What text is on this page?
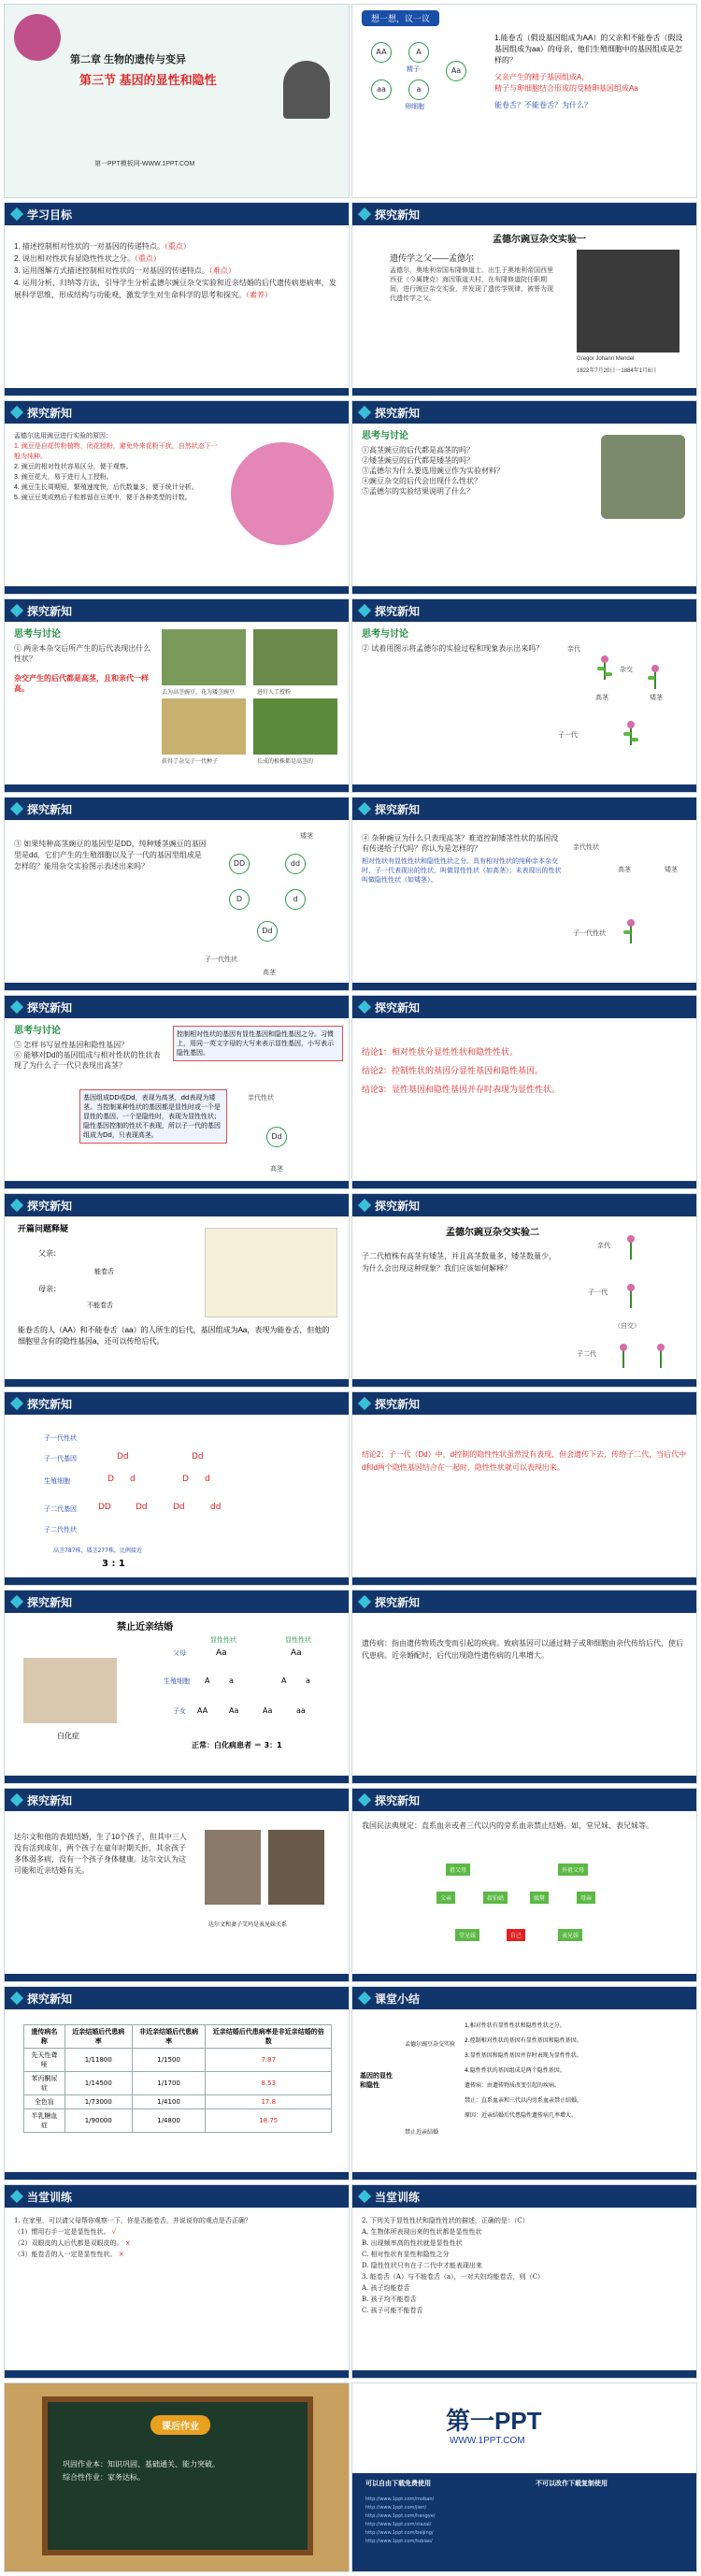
第二章 生物的遗传与变异
第三节 基因的显性和隐性
第一PPT模板网-WWW.1PPT.COM
想一想，议一议
AA	A
aa	a
Aa
精子
卵细胞
1.能卷舌（假设基因组成为AA）的父亲和不能卷舌（假设基因组成为aa）的母亲，他们生殖细胞中的基因组成是怎样的？
父亲产生的精子基因组成A，
精子与卵细胞结合形成的受精卵基因组成Aa
能卷舌？不能卷舌？为什么？
学习目标
1. 描述控制相对性状的一对基因的传递特点。（重点）
2. 说出相对性状有显隐性性状之分。（重点）
3. 运用图解方式描述控制相对性状的一对基因的传递特点。（难点）
4. 运用分析、归纳等方法，引导学生分析孟德尔豌豆杂交实验和近亲结婚的后代遗传病患病率，发展科学思维，形成结构与功能观，激发学生对生命科学的思考和探究。（素养）
探究新知
孟德尔豌豆杂交实验一
遗传学之父——孟德尔
孟德尔，奥地利帝国布隆修道士。出生于奥地利帝国西里西亚（今属捷克）海因策道夫村，在布隆修道院任职期间，进行豌豆杂交实验，并发现了遗传学规律，被誉为现代遗传学之父。
Gregor Johann Mendel
1822年7月20日－1884年1月6日
探究新知
孟德尔选用豌豆进行实验的原因：
1. 豌豆是自花传粉植物，闭花授粉，避免外来花粉干扰，自然状态下一般为纯种。
2. 豌豆的相对性状容易区分，便于观察。
3. 豌豆花大，易于进行人工授粉。
4. 豌豆生长周期短，繁殖速度快，后代数量多，便于统计分析。
5. 豌豆豆荚成熟后子粒都留在豆荚中，便于各种类型的计数。
探究新知
思考与讨论
①高茎豌豆的后代都是高茎的吗？
②矮茎豌豆的后代都是矮茎的吗？
③孟德尔为什么要选用豌豆作为实验材料？
④豌豆杂交的后代会出现什么性状？
⑤孟德尔的实验结果说明了什么？
探究新知
思考与讨论
① 两亲本杂交后所产生的后代表现出什么性状？
杂交产生的后代都是高茎，且和亲代一样高。	去为高茎豌豆，花为矮茎豌豆	进行人工授粉
获得了杂交子一代种子	长成的植株都是高茎的
探究新知
思考与讨论
② 试着用图示将孟德尔的实验过程和现象表示出来吗？	亲代
杂交
子一代
高茎	矮茎
探究新知
③ 如果纯种高茎豌豆的基因型是DD，纯种矮茎豌豆的基因型是dd，它们产生的生殖细胞以及子一代的基因型组成是怎样的？能用杂交实验图示表述出来吗？	DD	dd
D	d
Dd
子一代性状
高茎
矮茎
探究新知
④ 杂种豌豆为什么只表现高茎？难道控制矮茎性状的基因没有传递给子代吗？你认为是怎样的？
相对性状有显性性状和隐性性状之分。具有相对性状的纯种亲本杂交时，子一代表现出的性状，叫做显性性状（如高茎）；未表现出的性状叫做隐性性状（如矮茎）。
亲代性状
高茎	矮茎
子一代性状
探究新知
思考与讨论
⑤ 怎样书写显性基因和隐性基因？
⑥ 能够对Dd的基因组成与相对性状的性状表现了为什么子一代只表现出高茎？
控制相对性状的基因有显性基因和隐性基因之分。习惯上，用同一英文字母的大写来表示显性基因，小写表示隐性基因。
基因组成DD或Dd，表现为高茎，dd表现为矮茎。当控制某种性状的基因都是显性时或一个是显性的基因、一个是隐性时，表现为显性性状；隐性基因控制的性状不表现，所以子一代的基因组成为Dd，只表现高茎。
亲代性状
Dd
高茎
探究新知
结论1：相对性状分显性性状和隐性性状。
结论2：控制性状的基因分显性基因和隐性基因。
结论3：显性基因和隐性基因并存时表现为显性性状。
探究新知
开篇问题释疑
父亲：
母亲：
能卷舌
不能卷舌
能卷舌的人（AA）和不能卷舌（aa）的人所生的后代，基因组成为Aa，表现为能卷舌，但他的细胞里含有的隐性基因a，还可以传给后代。
探究新知
孟德尔豌豆杂交实验二
子二代植株有高茎有矮茎，并且高茎数量多，矮茎数量少，为什么会出现这种现象？我们应该如何解释？
亲代
子一代
子二代
（自交）
探究新知
子一代性状
子一代基因
生殖细胞
子二代基因
子二代性状
Dd	Dd
D d	D d
DD	Dd	Dd	dd
高茎787株，矮茎277株，比例接近
3 : 1
探究新知
结论2：子一代（Dd）中，d控制的隐性性状虽然没有表现，但会遗传下去，传给子二代，当后代中d和d两个隐性基因结合在一起时，隐性性状就可以表现出来。
探究新知
禁止近亲结婚
白化症
显性性状	显性性状
父母	Aa	Aa
生殖细胞
子女
A	a	A	a
AA	Aa	Aa	aa
正常：白化病患者 ＝ 3：1
探究新知
遗传病：指由遗传物质改变而引起的疾病。致病基因可以通过精子或卵细胞由亲代传给后代，使后代患病。近亲婚配时，后代出现隐性遗传病的几率增大。
探究新知
达尔文和他的表姐结婚，生了10个孩子，但其中三人没有活到成年，两个孩子在童年时期夭折，其余孩子多体弱多病，没有一个孩子身体健康。达尔文认为这可能和近亲结婚有关。
达尔文和妻子艾玛是表兄妹关系
探究新知
我国民法典规定：直系血亲或者三代以内的旁系血亲禁止结婚。如，堂兄妹、表兄妹等。
祖父母	外祖父母
父亲	母亲
叔伯姑	姨舅
自己
堂兄妹	表兄妹
探究新知
遗传病名称	近亲结婚后代患病率	非近亲结婚后代患病率	近亲结婚后代患病率是非近亲结婚的倍数
先天性聋哑	1/11800	1/1500	7.87
苯丙酮尿症	1/14500	1/1700	8.53
全色盲	1/73000	1/4100	17.8
半乳糖血症	1/90000	1/4800	18.75
课堂小结
基因的显性和隐性
孟德尔豌豆杂交实验
禁止近亲结婚
1.相对性状有显性性状和隐性性状之分。
2.控制相对性状的基因有显性基因和隐性基因。
3.显性基因和隐性基因并存时表现为显性性状。
4.隐性性状的基因组成是两个隐性基因。
遗传病：由遗传物质改变引起的疾病。
禁止：直系血亲和三代以内旁系血亲禁止结婚。
原因：近亲结婚后代患隐性遗传病几率增大。
当堂训练
1. 在家里，可以请父母帮你观察一下，你是否能卷舌，并说说你的观点是否正确？
（1）惯用右手一定是显性性状。 √
（2）双眼皮的人后代都是双眼皮的。 ×
（3）能卷舌的人一定是显性性状。 ×
当堂训练
2. 下列关于显性性状和隐性性状的描述，正确的是：（C）
A. 生物体所表现出来的性状都是显性性状
B. 出现频率高的性状就是显性性状
C. 相对性状有显性和隐性之分
D. 隐性性状只有在子二代中才能表现出来
3. 能卷舌（A）与不能卷舌（a），一对夫妇均能卷舌，则（C）
A. 孩子均能卷舌
B. 孩子均不能卷舌
C. 孩子可能不能卷舌
课后作业
巩固作业本：知识巩固、基础通关、能力突破。
综合性作业：家务达标。
第一PPT
WWW.1PPT.COM
可以自由下载免费使用	不可以改作下载复制使用
http://www.1ppt.com/moban/
http://www.1ppt.com/jieri/
http://www.1ppt.com/hangye/
http://www.1ppt.com/xiazai/
http://www.1ppt.com/beijing/
http://www.1ppt.com/tubiao/
